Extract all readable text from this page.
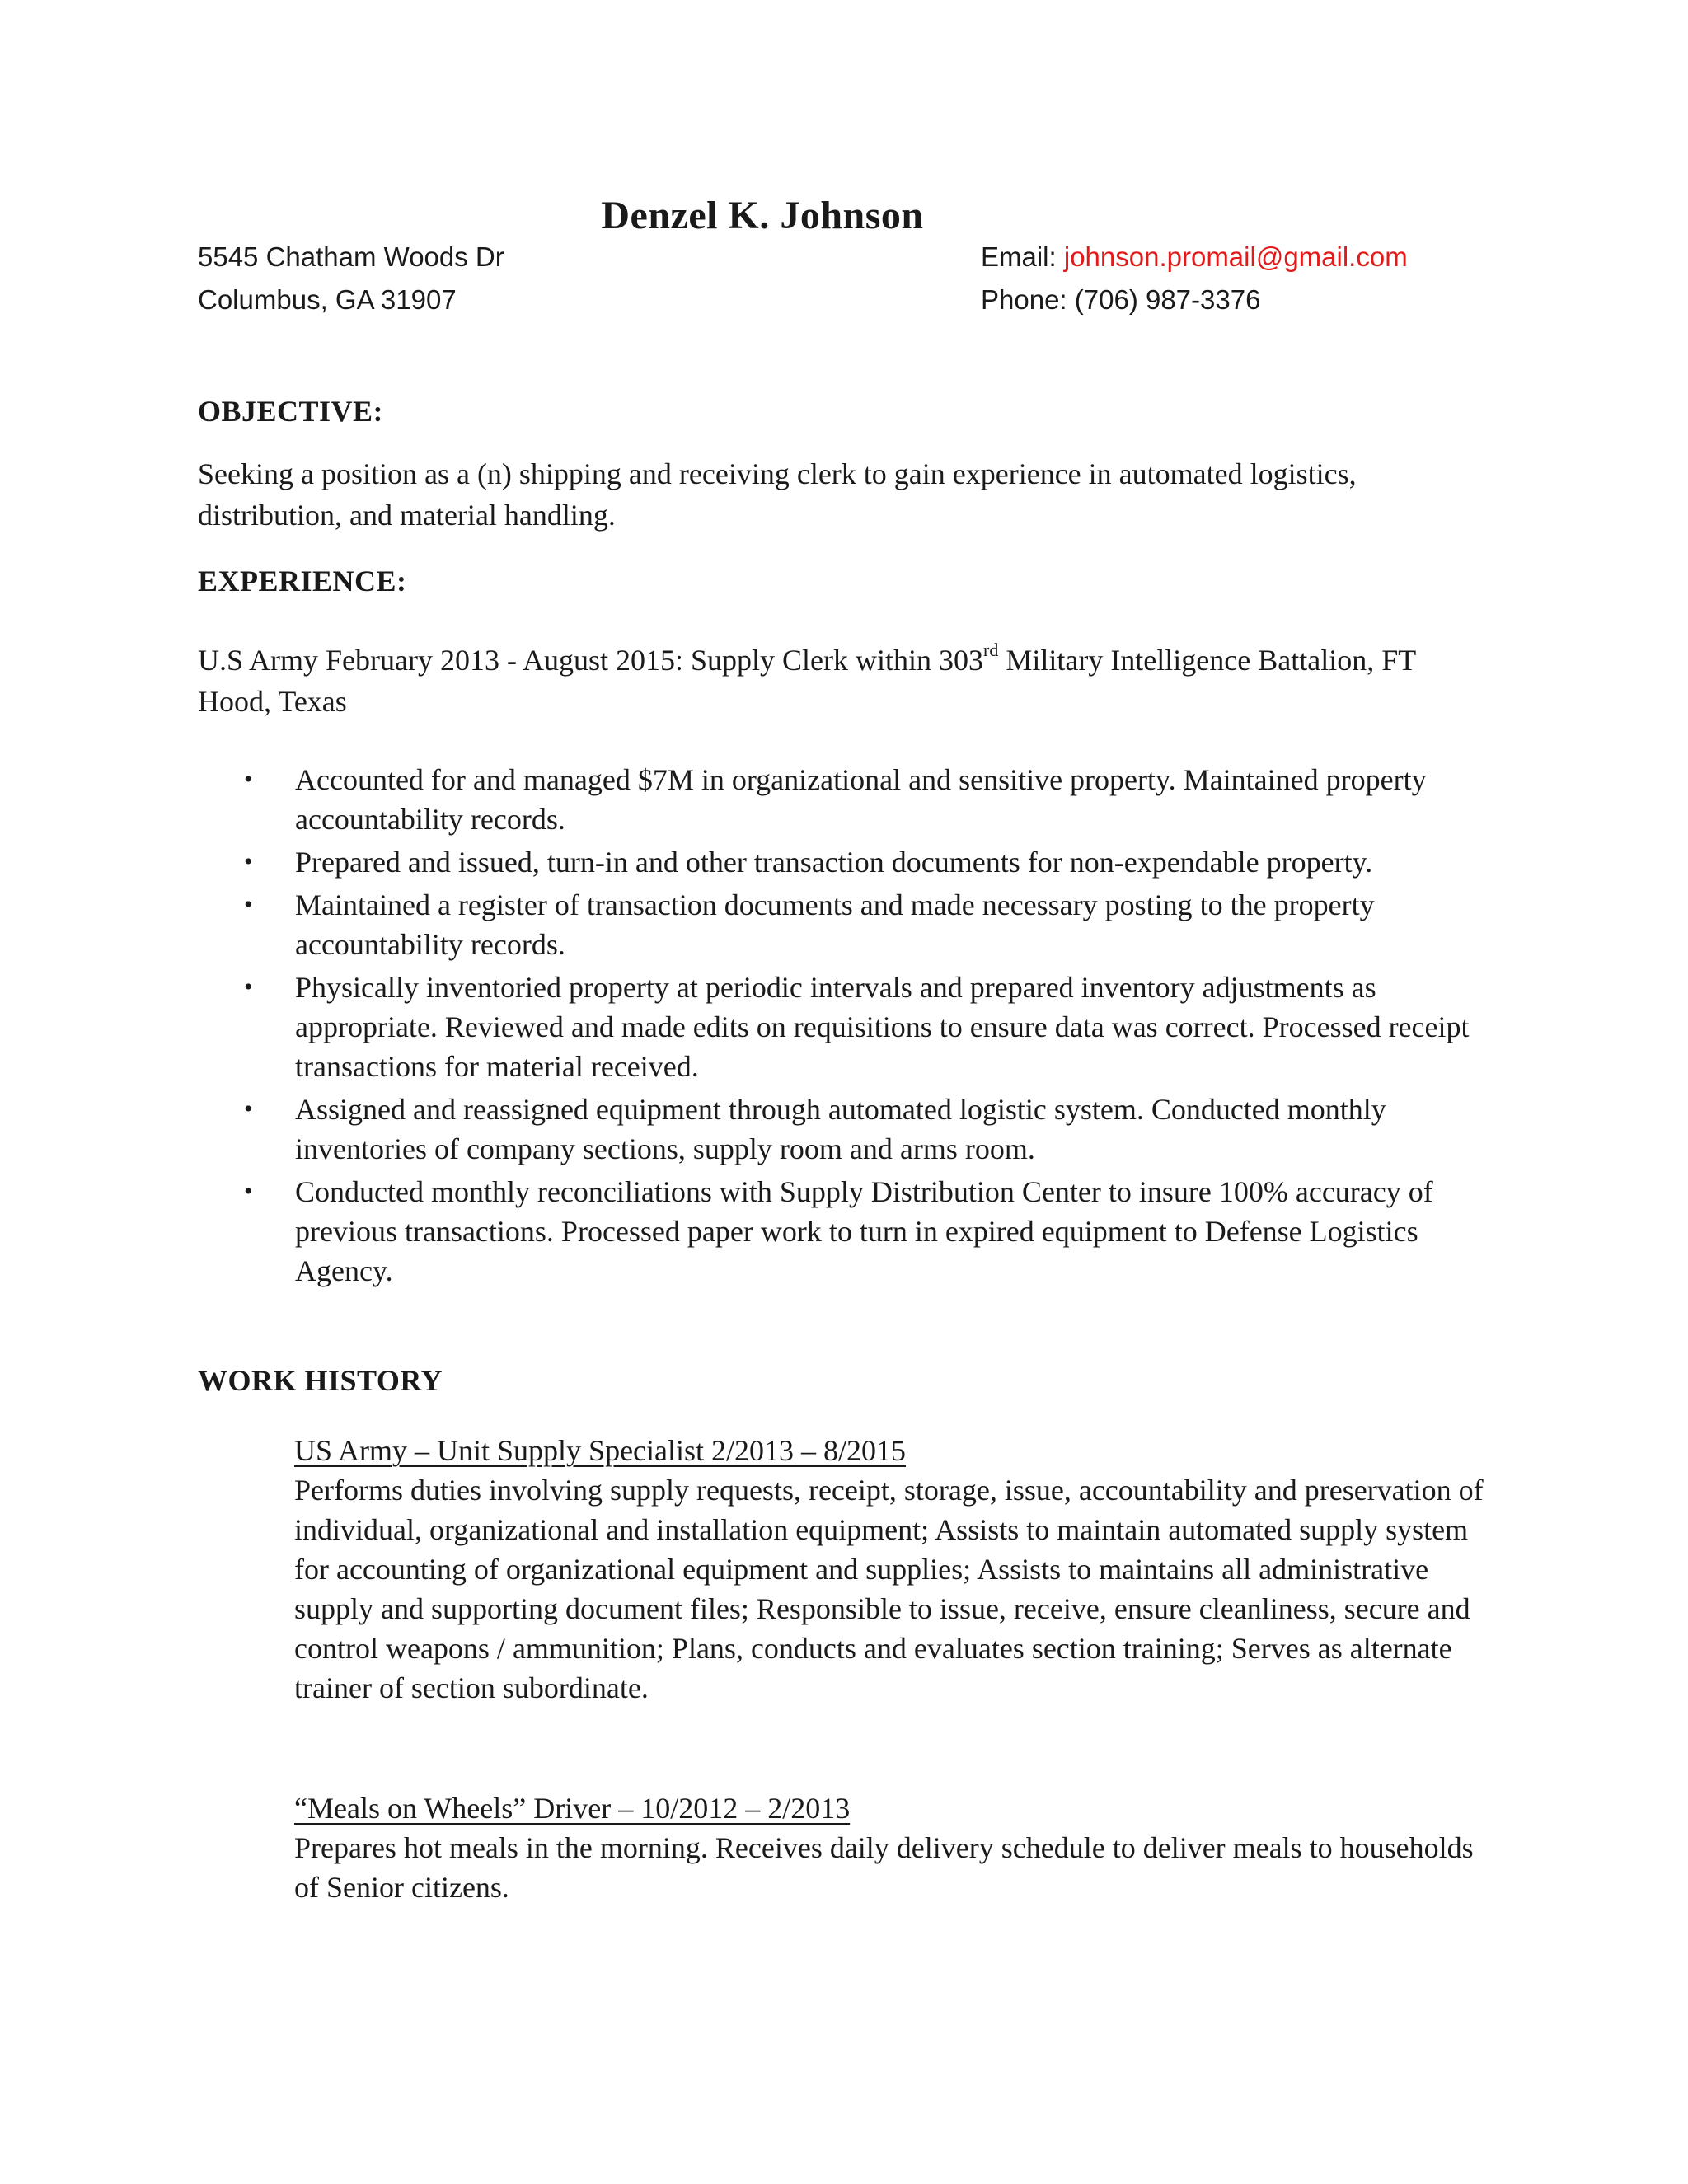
Denzel K. Johnson
5545 Chatham Woods Dr
Columbus, GA 31907
Email: johnson.promail@gmail.com
Phone: (706) 987-3376
OBJECTIVE:
Seeking a position as a (n) shipping and receiving clerk to gain experience in automated logistics, distribution, and material handling.
EXPERIENCE:
U.S Army February 2013 - August 2015: Supply Clerk within 303rd Military Intelligence Battalion, FT Hood, Texas
• Accounted for and managed $7M in organizational and sensitive property. Maintained property accountability records.
• Prepared and issued, turn-in and other transaction documents for non-expendable property.
• Maintained a register of transaction documents and made necessary posting to the property accountability records.
• Physically inventoried property at periodic intervals and prepared inventory adjustments as appropriate. Reviewed and made edits on requisitions to ensure data was correct. Processed receipt transactions for material received.
• Assigned and reassigned equipment through automated logistic system. Conducted monthly inventories of company sections, supply room and arms room.
• Conducted monthly reconciliations with Supply Distribution Center to insure 100% accuracy of previous transactions. Processed paper work to turn in expired equipment to Defense Logistics Agency.
WORK HISTORY
US Army – Unit Supply Specialist 2/2013 – 8/2015
Performs duties involving supply requests, receipt, storage, issue, accountability and preservation of individual, organizational and installation equipment; Assists to maintain automated supply system for accounting of organizational equipment and supplies; Assists to maintains all administrative supply and supporting document files; Responsible to issue, receive, ensure cleanliness, secure and control weapons / ammunition; Plans, conducts and evaluates section training; Serves as alternate trainer of section subordinate.
“Meals on Wheels” Driver – 10/2012 – 2/2013
Prepares hot meals in the morning. Receives daily delivery schedule to deliver meals to households of Senior citizens.
